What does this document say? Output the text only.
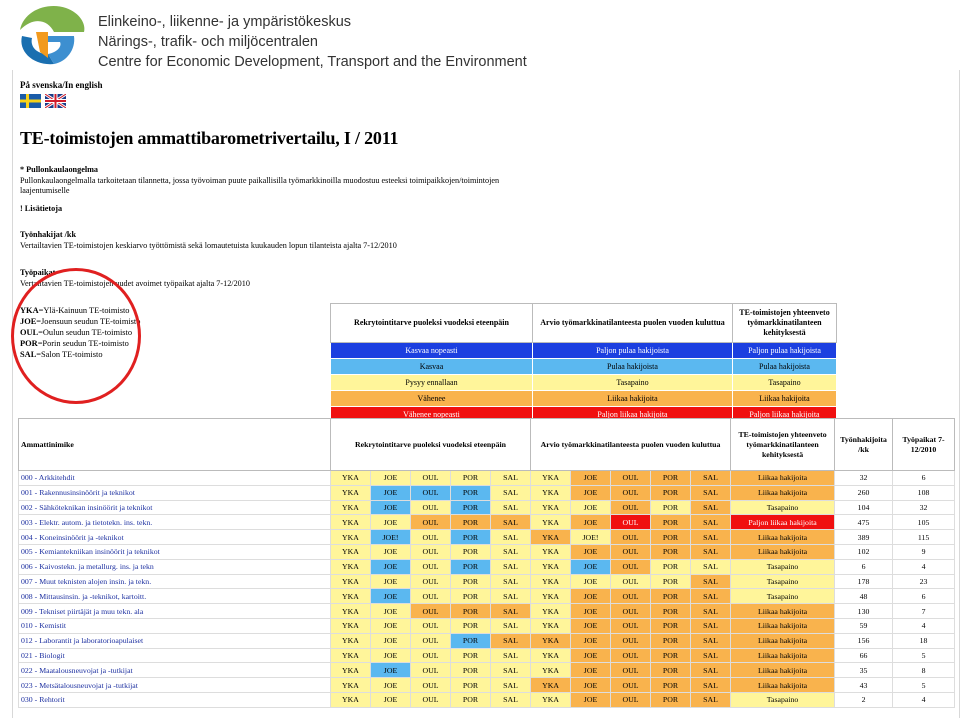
Elinkeino-, liikenne- ja ympäristökeskus
Närings-, trafik- och miljöcentralen
Centre for Economic Development, Transport and the Environment
På svenska/In english
TE-toimistojen ammattibarometrivertailu, I / 2011
* Pullonkaulaongelma
Pullonkaulaongelmalla tarkoitetaan tilannetta, jossa työvoiman puute paikallisilla työmarkkinoilla muodostuu esteeksi toimipaikkojen/toimintojen laajentumiselle
! Lisätietoja
Työnhakijat /kk
Vertailtavien TE-toimistojen keskiarvo työttömistä sekä lomautetuista kuukauden lopun tilanteista ajalta 7-12/2010
Työpaikat
Vertailtavien TE-toimistojen uudet avoimet työpaikat ajalta 7-12/2010
YKA=Ylä-Kainuun TE-toimisto
JOE=Joensuun seudun TE-toimisto
OUL=Oulun seudun TE-toimisto
POR=Porin seudun TE-toimisto
SAL=Salon TE-toimisto
Rekrytointitarve puoleksi vuodeksi eteenpäin	Arvio työmarkkinatilanteesta puolen vuoden kuluttua	TE-toimistojen yhteenveto työmarkkinatilanteen kehityksestä
Kasvaa nopeasti	Paljon pulaa hakijoista	Paljon pulaa hakijoista
Kasvaa	Pulaa hakijoista	Pulaa hakijoista
Pysyy ennallaan	Tasapaino	Tasapaino
Vähenee	Liikaa hakijoita	Liikaa hakijoita
Vähenee nopeasti	Paljon liikaa hakijoita	Paljon liikaa hakijoita
Ammattinimike	Rekrytointitarve puoleksi vuodeksi eteenpäin					Arvio työmarkkinatilanteesta puolen vuoden kuluttua					TE-toimistojen yhteenveto työmarkkinatilanteen kehityksestä	Työnhakijoita /kk	Työpaikat 7-12/2010
000 - Arkkitehdit	YKA	JOE	OUL	POR	SAL	YKA	JOE	OUL	POR	SAL	Liikaa hakijoita	32	6
001 - Rakennusinsinöörit ja teknikot	YKA	JOE	OUL	POR	SAL	YKA	JOE	OUL	POR	SAL	Liikaa hakijoita	260	108
002 - Sähköteknikan insinöörit ja teknikot	YKA	JOE	OUL	POR	SAL	YKA	JOE	OUL	POR	SAL	Tasapaino	104	32
003 - Elektr. autom. ja tietotekn. ins. tekn.	YKA	JOE	OUL	POR	SAL	YKA	JOE	OUL	POR	SAL	Paljon liikaa hakijoita	475	105
004 - Koneinsinöörit ja -teknikot	YKA	JOE!	OUL	POR	SAL	YKA	JOE!	OUL	POR	SAL	Liikaa hakijoita	389	115
005 - Kemiantekniikan insinöörit ja teknikot	YKA	JOE	OUL	POR	SAL	YKA	JOE	OUL	POR	SAL	Liikaa hakijoita	102	9
006 - Kaivostekn. ja metallurg. ins. ja tekn	YKA	JOE	OUL	POR	SAL	YKA	JOE	OUL	POR	SAL	Tasapaino	6	4
007 - Muut teknisten alojen insin. ja tekn.	YKA	JOE	OUL	POR	SAL	YKA	JOE	OUL	POR	SAL	Tasapaino	178	23
008 - Mittausinsin. ja -teknikot, kartoitt.	YKA	JOE	OUL	POR	SAL	YKA	JOE	OUL	POR	SAL	Tasapaino	48	6
009 - Tekniset piirtäjät ja muu tekn. ala	YKA	JOE	OUL	POR	SAL	YKA	JOE	OUL	POR	SAL	Liikaa hakijoita	130	7
010 - Kemistit	YKA	JOE	OUL	POR	SAL	YKA	JOE	OUL	POR	SAL	Liikaa hakijoita	59	4
012 - Laborantit ja laboratorioapulaiset	YKA	JOE	OUL	POR	SAL	YKA	JOE	OUL	POR	SAL	Liikaa hakijoita	156	18
021 - Biologit	YKA	JOE	OUL	POR	SAL	YKA	JOE	OUL	POR	SAL	Liikaa hakijoita	66	5
022 - Maatalousneuvojat ja -tutkijat	YKA	JOE	OUL	POR	SAL	YKA	JOE	OUL	POR	SAL	Liikaa hakijoita	35	8
023 - Metsätalousneuvojat ja -tutkijat	YKA	JOE	OUL	POR	SAL	YKA	JOE	OUL	POR	SAL	Liikaa hakijoita	43	5
030 - Rehtorit	YKA	JOE	OUL	POR	SAL	YKA	JOE	OUL	POR	SAL	Tasapaino	2	4
